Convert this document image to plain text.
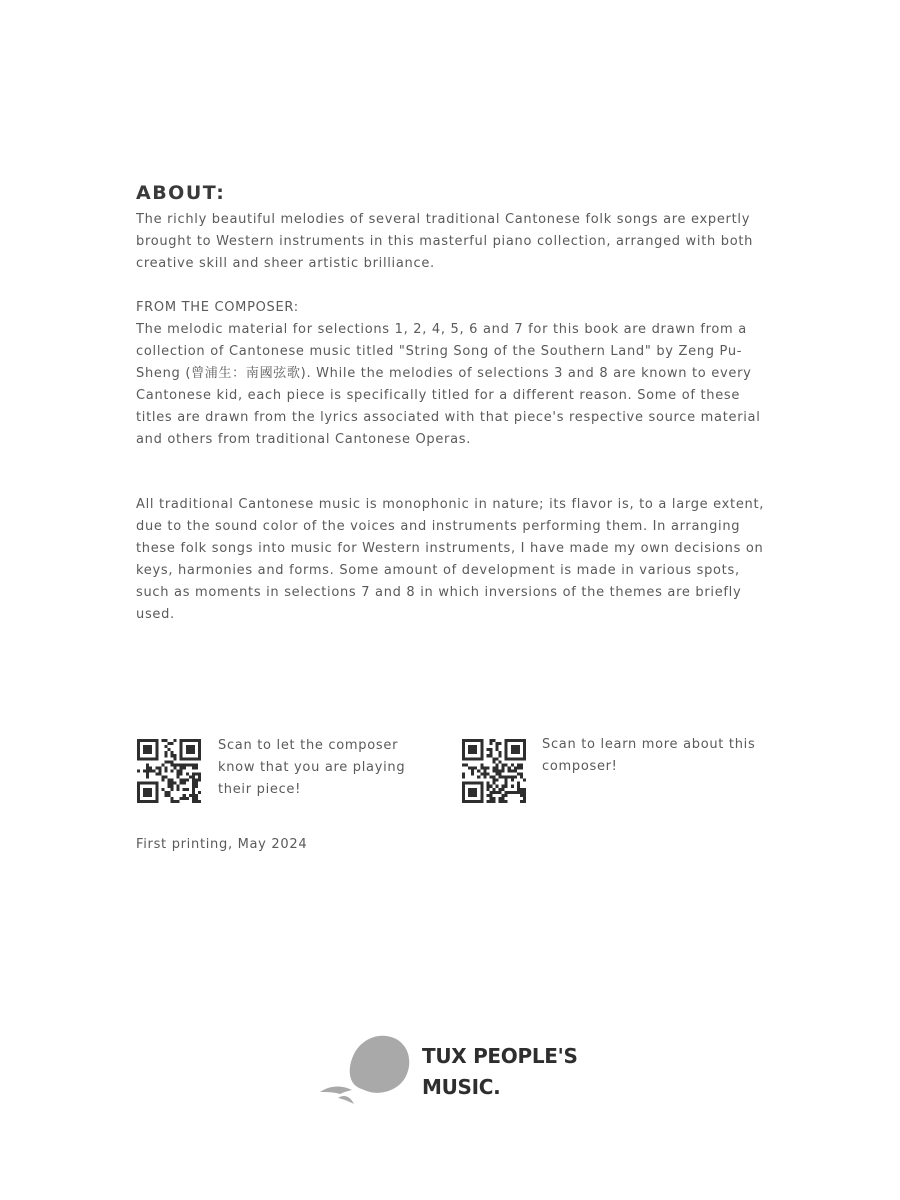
ABOUT:

The richly beautiful melodies of several traditional Cantonese folk songs are expertly brought to Western instruments in this masterful piano collection, arranged with both creative skill and sheer artistic brilliance.

FROM THE COMPOSER:

The melodic material for selections 1, 2, 4, 5, 6 and 7 for this book are drawn from a collection of Cantonese music titled "String Song of the Southern Land" by Zeng Pu-Sheng (曾浦生：南國弦歌). While the melodies of selections 3 and 8 are known to every Cantonese kid, each piece is specifically titled for a different reason. Some of these titles are drawn from the lyrics associated with that piece's respective source material and others from traditional Cantonese Operas.

All traditional Cantonese music is monophonic in nature; its flavor is, to a large extent, due to the sound color of the voices and instruments performing them. In arranging these folk songs into music for Western instruments, I have made my own decisions on keys, harmonies and forms. Some amount of development is made in various spots, such as moments in selections 7 and 8 in which inversions of the themes are briefly used.

Scan to let the composer know that you are playing their piece!

Scan to learn more about this composer!

First printing, May 2024

TUX PEOPLE'S
MUSIC.
